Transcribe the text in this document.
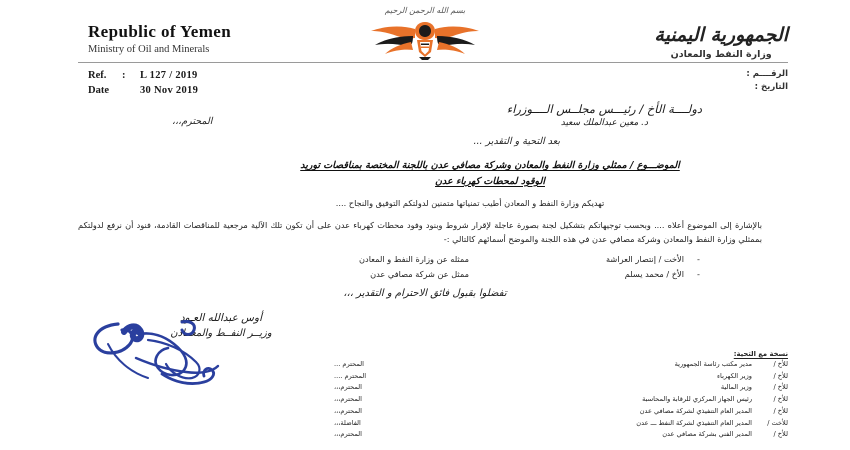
Republic of Yemen
Ministry of Oil and Minerals
بسم الله الرحمن الرحيم
الجمهورية اليمنية
وزارة النفط والمعادن
Ref.	:	L 127 / 2019
Date	30 Nov 2019
الرقــــم :
التاريخ :
دولــــة الأخ / رئيـــس مجلــس الــــوزراء
د. معين عبدالملك سعيد
المحترم،،،
بعد التحية و التقدير ...
الموضـــوع / ممثلي وزارة النفط والمعادن وشركة مصافي عدن باللجنة المختصة بمناقصات توريد
الوقود لمحطات كهرباء عدن
تهديكم وزارة النفط و المعادن أطيب تمنياتها متمنين لدولتكم التوفيق والنجاح ....
بالإشارة إلى الموضوع أعلاه .... وبحسب توجيهاتكم بتشكيل لجنة بصورة عاجلة لإقرار شروط وبنود وفود محطات كهرباء عدن على أن تكون تلك الآلية مرجعية للمناقصات القادمة، فنود أن نرفع لدولتكم بممثلي وزارة النفط والمعادن وشركة مصافي عدن في هذه اللجنة والموضح أسمائهم كالتالي :-
-
الأخت / إنتصار العراشة
ممثله عن وزارة النفط و المعادن
-
الأخ / محمد يسلم
ممثل عن شركة مصافي عدن
تفضلوا بقبول فائق الاحترام و التقدير ،،،
أوس عبدالله العـود
وزيــر النفــط والمعــادن
نسخة مع التحية:
للأخ /
مدير مكتب رئاسة الجمهورية
المحترم ...
للأخ /
وزير الكهرباء
المحترم ....
للأخ /
وزير المالية
المحترم،،،
للأخ /
رئيس الجهاز المركزي للرقابة والمحاسبة
المحترم،،،
للأخ /
المدير العام التنفيذي لشركة مصافي عدن
المحترم،،،
للأخت /
المدير العام التنفيذي لشركة النفط ـــ عدن
الفاضلة،،،
للأخ /
المدير الفني بشركة مصافي عدن
المحترم،،،
